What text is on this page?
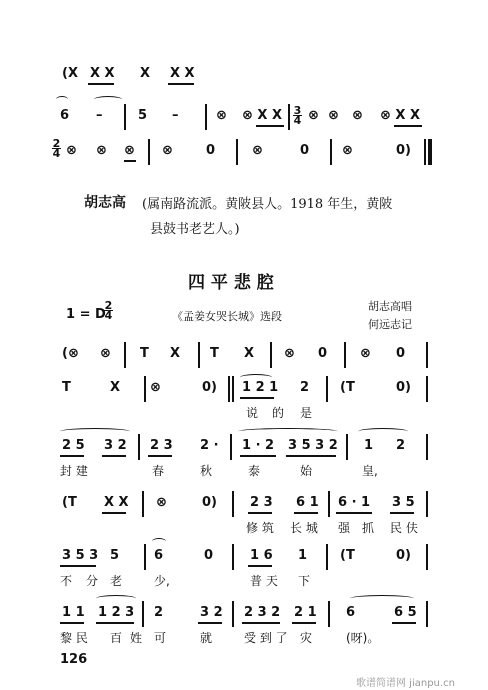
(X X X X X X
6 –	5 –	⊗ ⊗ X X 3
4 ⊗ ⊗ ⊗ ⊗ X X
2
4 ⊗ ⊗ ⊗ ⊗	0	⊗	0	⊗	0)
胡志高 (属南路流派。黄陂县人。1918 年生，黄陂
县鼓书老艺人。)
四 平 悲 腔
1 = D
2
4	《孟姜女哭长城》选段
胡志高唱
何远志记
(⊗ ⊗ T X T X ⊗ 0	⊗ 0
T	X ⊗	0) 1 2 1 2 (T	0)
说 的 是
2 5 3 2 2 3 2 · 1 · 2 3 5 3 2 1 2
封 建	春	秋	泰	始	皇,
(T X X ⊗	0)	2 3 6 1 6 · 1 3 5
修 筑 长 城 强 抓 民 伕
3 5 3 5	6	0	1 6 1	(T	0)
不 分 老	少,	普 天 下
1 1 1 2 3 2	3 2 2 3 2 2 1 6	6 5
黎 民 百 姓 可	就	受 到 了 灾	(呀)。
126
歌谱简谱网 jianpu.cn
